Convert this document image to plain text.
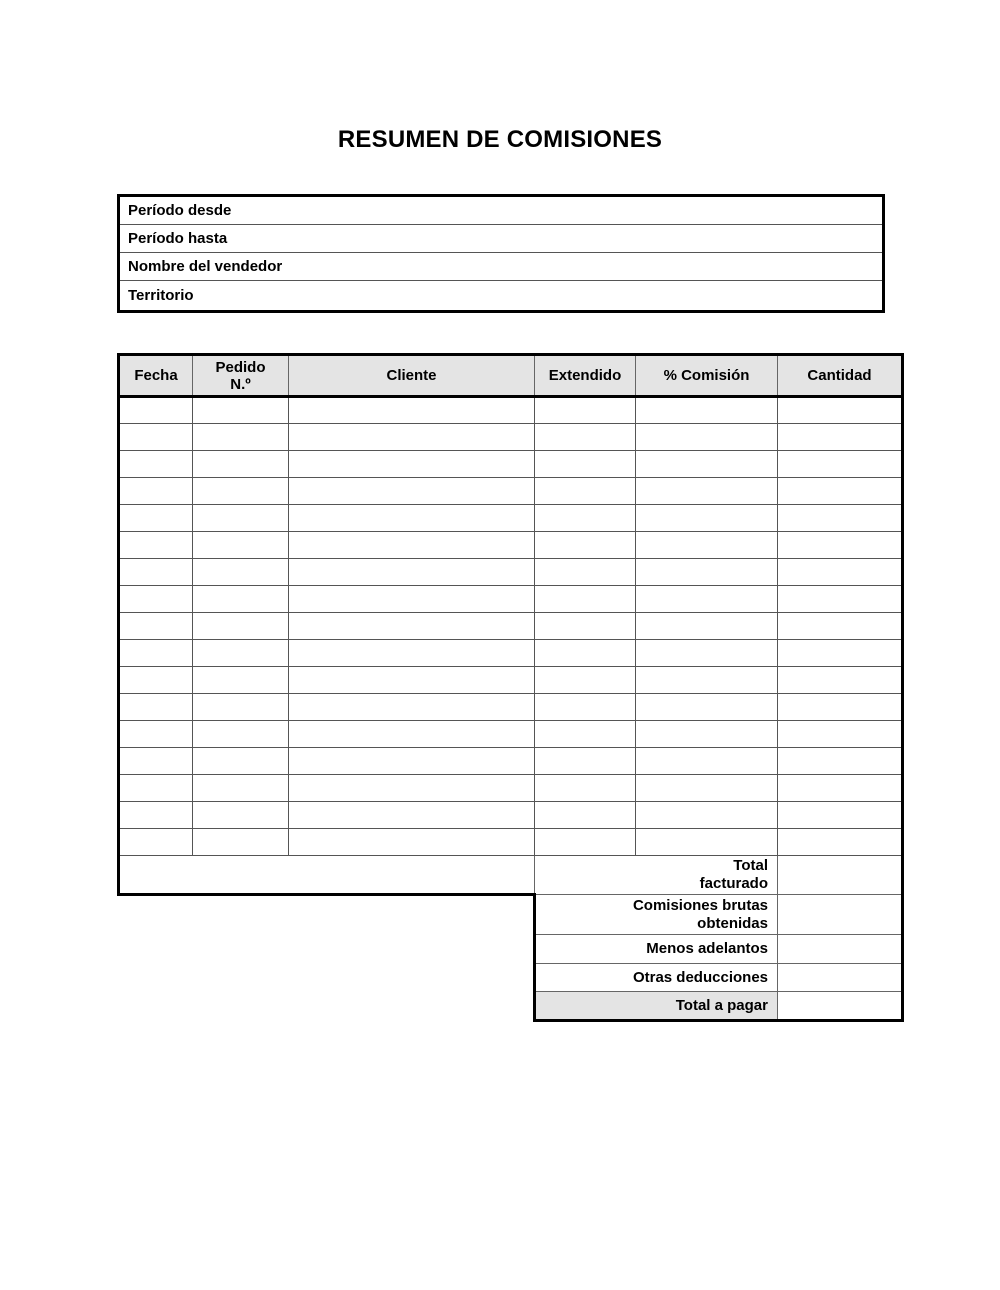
RESUMEN DE COMISIONES
Período desde
Período hasta
Nombre del vendedor
Territorio
Fecha	Pedido N.º	Cliente	Extendido	% Comisión	Cantidad

			Total facturado		
			Comisiones brutas obtenidas		
			Menos adelantos		
			Otras deducciones		
			Total a pagar		
